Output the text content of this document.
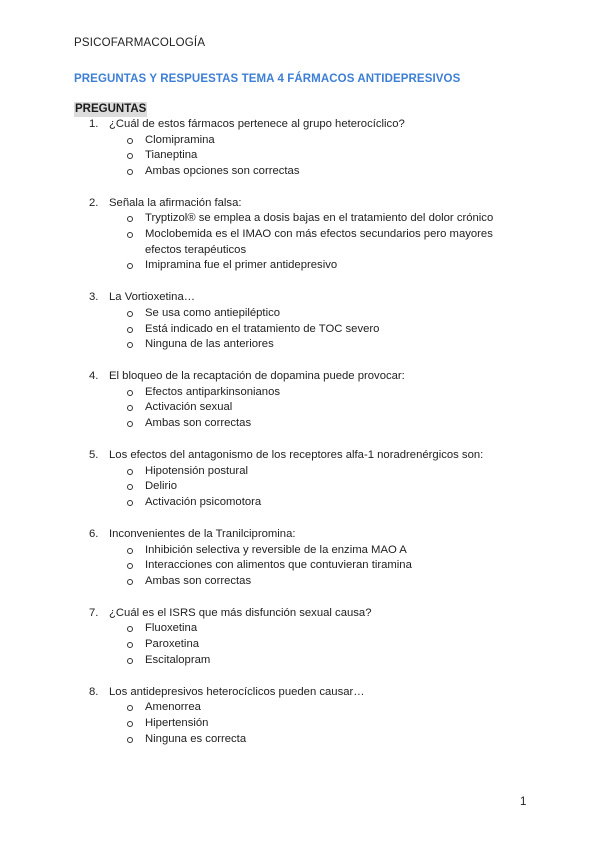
PSICOFARMACOLOGÍA
PREGUNTAS Y RESPUESTAS TEMA 4 FÁRMACOS ANTIDEPRESIVOS
PREGUNTAS
1. ¿Cuál de estos fármacos pertenece al grupo heterocíclico?
Clomipramina
Tianeptina
Ambas opciones son correctas
2. Señala la afirmación falsa:
Tryptizol® se emplea a dosis bajas en el tratamiento del dolor crónico
Moclobemida es el IMAO con más efectos secundarios pero mayores efectos terapéuticos
Imipramina fue el primer antidepresivo
3. La Vortioxetina…
Se usa como antiepiléptico
Está indicado en el tratamiento de TOC severo
Ninguna de las anteriores
4. El bloqueo de la recaptación de dopamina puede provocar:
Efectos antiparkinsonianos
Activación sexual
Ambas son correctas
5. Los efectos del antagonismo de los receptores alfa-1 noradrenérgicos son:
Hipotensión postural
Delirio
Activación psicomotora
6. Inconvenientes de la Tranilcipromina:
Inhibición selectiva y reversible de la enzima MAO A
Interacciones con alimentos que contuvieran tiramina
Ambas son correctas
7. ¿Cuál es el ISRS que más disfunción sexual causa?
Fluoxetina
Paroxetina
Escitalopram
8. Los antidepresivos heterocíclicos pueden causar…
Amenorrea
Hipertensión
Ninguna es correcta
1
